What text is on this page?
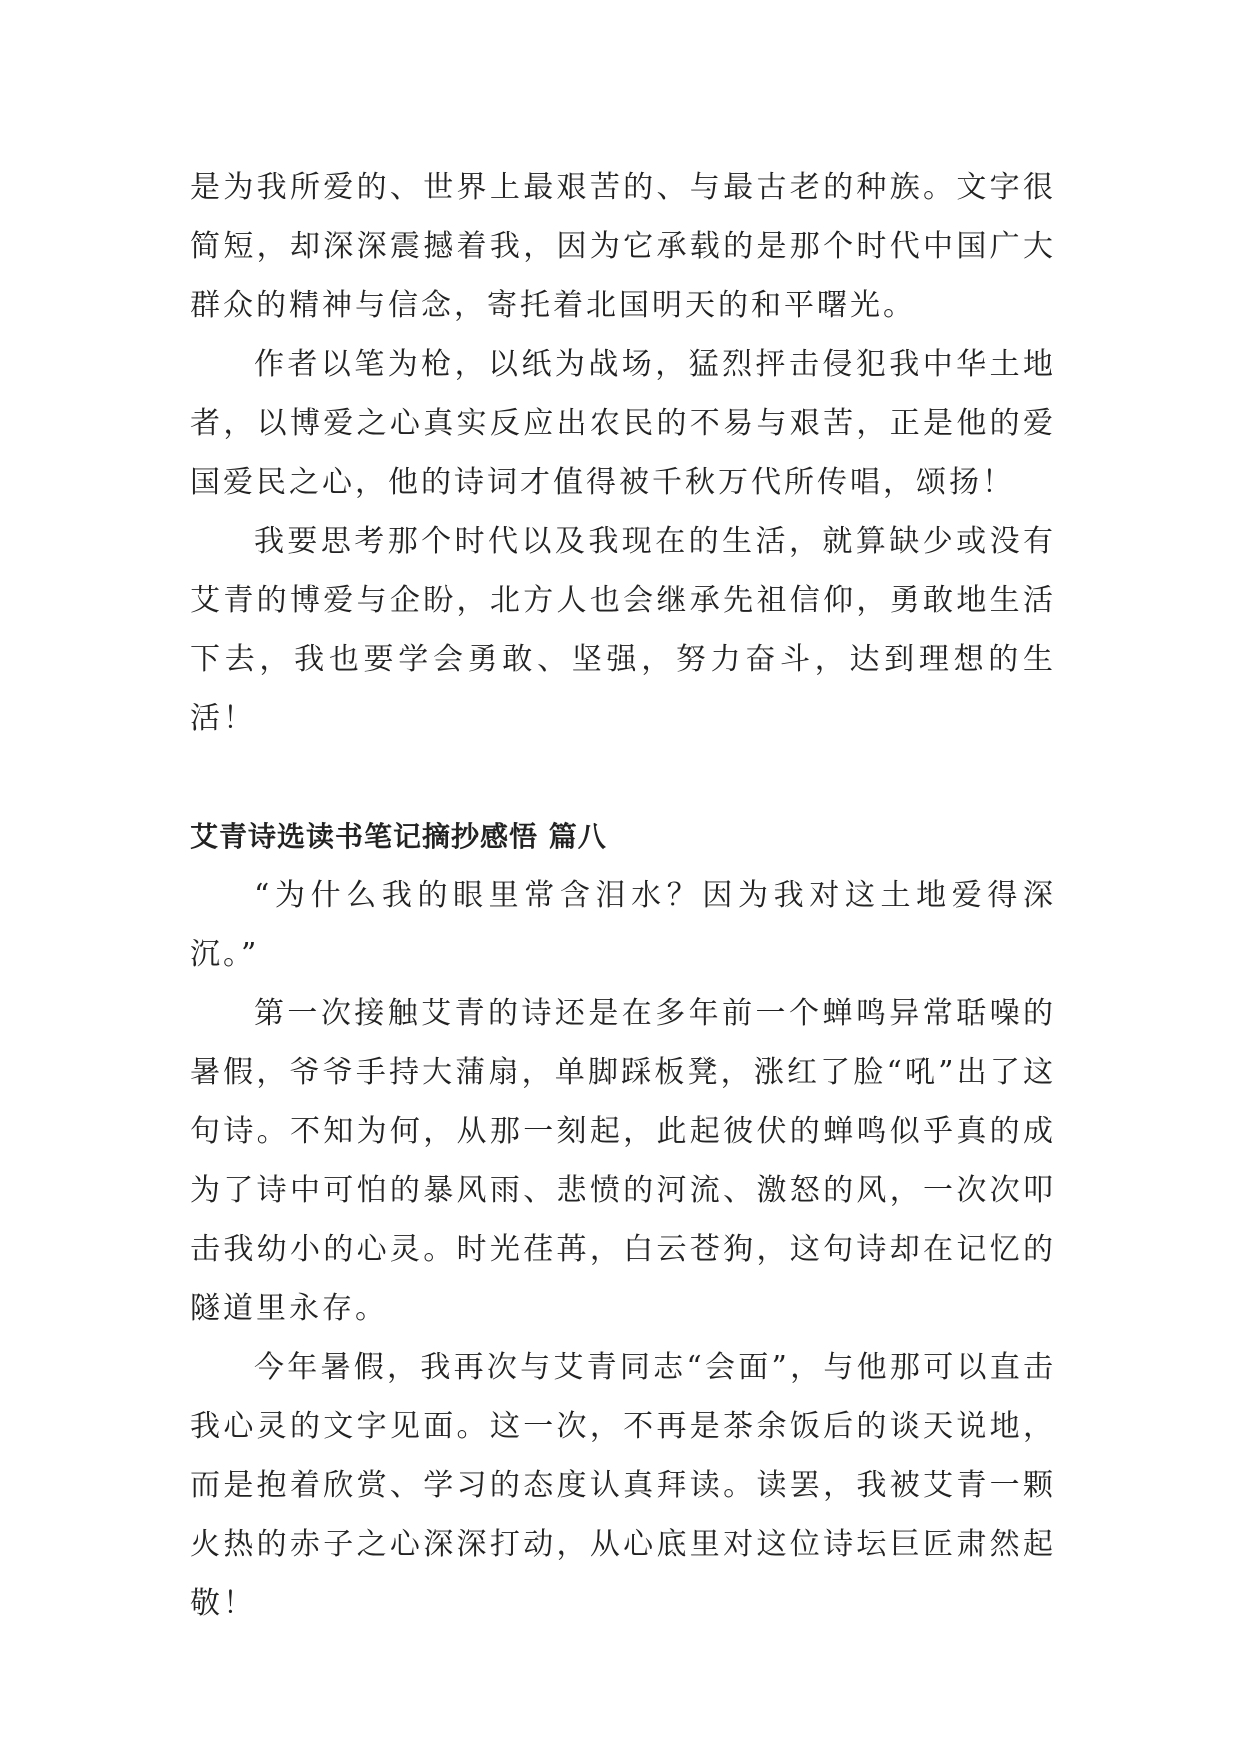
是为我所爱的、世界上最艰苦的、与最古老的种族。文字很简短，却深深震撼着我，因为它承载的是那个时代中国广大群众的精神与信念，寄托着北国明天的和平曙光。

作者以笔为枪，以纸为战场，猛烈抨击侵犯我中华土地者，以博爱之心真实反应出农民的不易与艰苦，正是他的爱国爱民之心，他的诗词才值得被千秋万代所传唱，颂扬！

我要思考那个时代以及我现在的生活，就算缺少或没有艾青的博爱与企盼，北方人也会继承先祖信仰，勇敢地生活下去，我也要学会勇敢、坚强，努力奋斗，达到理想的生活！

艾青诗选读书笔记摘抄感悟 篇八

“为什么我的眼里常含泪水？因为我对这土地爱得深沉。”

第一次接触艾青的诗还是在多年前一个蝉鸣异常聒噪的暑假，爷爷手持大蒲扇，单脚踩板凳，涨红了脸“吼”出了这句诗。不知为何，从那一刻起，此起彼伏的蝉鸣似乎真的成为了诗中可怕的暴风雨、悲愤的河流、激怒的风，一次次叩击我幼小的心灵。时光荏苒，白云苍狗，这句诗却在记忆的隧道里永存。

今年暑假，我再次与艾青同志“会面”，与他那可以直击我心灵的文字见面。这一次，不再是茶余饭后的谈天说地，而是抱着欣赏、学习的态度认真拜读。读罢，我被艾青一颗火热的赤子之心深深打动，从心底里对这位诗坛巨匠肃然起敬！
